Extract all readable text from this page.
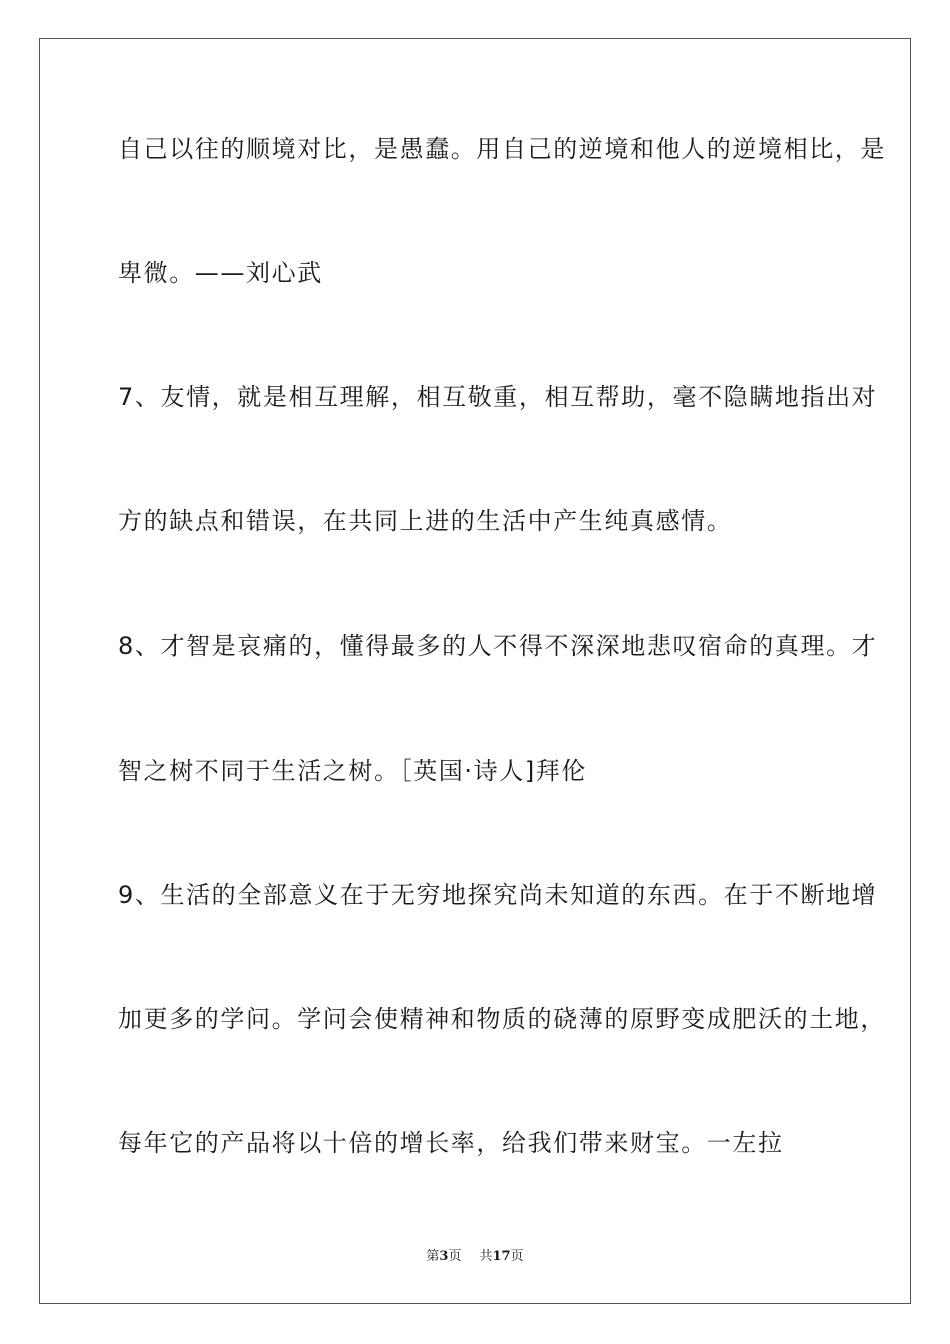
自己以往的顺境对比，是愚蠢。用自己的逆境和他人的逆境相比，是
卑微。——刘心武
7、友情，就是相互理解，相互敬重，相互帮助，毫不隐瞒地指出对
方的缺点和错误，在共同上进的生活中产生纯真感情。
8、才智是哀痛的，懂得最多的人不得不深深地悲叹宿命的真理。才
智之树不同于生活之树。［英国·诗人]拜伦
9、生活的全部意义在于无穷地探究尚未知道的东西。在于不断地增
加更多的学问。学问会使精神和物质的硗薄的原野变成肥沃的土地，
每年它的产品将以十倍的增长率，给我们带来财宝。一左拉
第3页 共17页
